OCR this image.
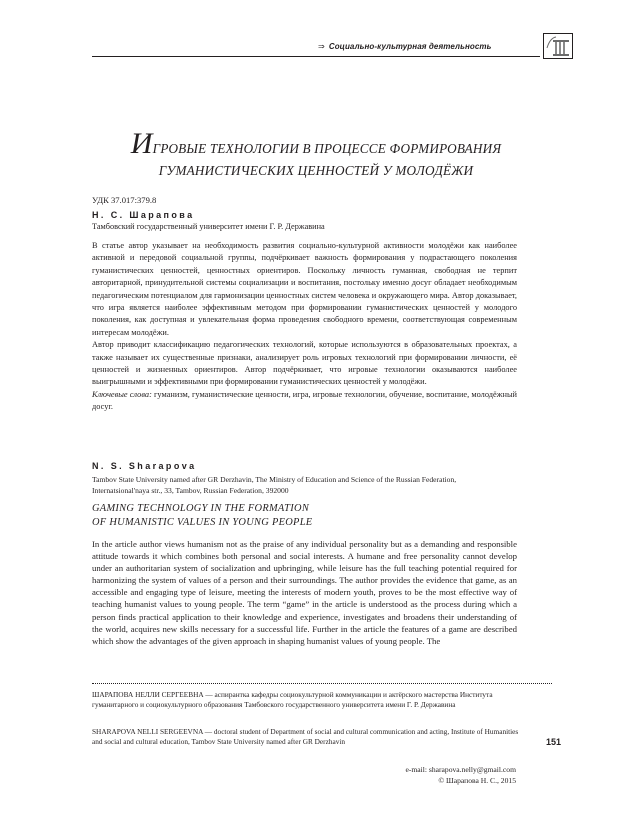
⇒ Социально-культурная деятельность
ИГРОВЫЕ ТЕХНОЛОГИИ В ПРОЦЕССЕ ФОРМИРОВАНИЯ
ГУМАНИСТИЧЕСКИХ ЦЕННОСТЕЙ У МОЛОДЁЖИ
УДК 37.017:379.8
Н. С. Шарапова
Тамбовский государственный университет имени Г. Р. Державина

В статье автор указывает на необходимость развития социально-культурной активности молодёжи как наиболее активной и передовой социальной группы, подчёркивает важность формирования у подрастающего поколения гуманистических ценностей, ценностных ориентиров. Поскольку личность гуманная, свободная не терпит авторитарной, принудительной системы социализации и воспитания, постольку именно досуг обладает необходимым педагогическим потенциалом для гармонизации ценностных систем человека и окружающего мира. Автор доказывает, что игра является наиболее эффективным методом при формировании гуманистических ценностей у молодого поколения, как доступная и увлекательная форма проведения свободного времени, соответствующая современным интересам молодёжи.

Автор приводит классификацию педагогических технологий, которые используются в образовательных проектах, а также называет их существенные признаки, анализирует роль игровых технологий при формировании личности, её ценностей и жизненных ориентиров. Автор подчёркивает, что игровые технологии оказываются наиболее выигрышными и эффективными при формировании гуманистических ценностей у молодёжи.

Ключевые слова: гуманизм, гуманистические ценности, игра, игровые технологии, обучение, воспитание, молодёжный досуг.

N. S. Sharapova
Tambov State University named after GR Derzhavin, The Ministry of Education and Science of the Russian Federation, Internatsional'naya str., 33, Tambov, Russian Federation, 392000
GAMING TECHNOLOGY IN THE FORMATION
OF HUMANISTIC VALUES IN YOUNG PEOPLE
In the article author views humanism not as the praise of any individual personality but as a demanding and responsible attitude towards it which combines both personal and social interests. A humane and free personality cannot develop under an authoritarian system of socialization and upbringing, while leisure has the full teaching potential required for harmonizing the system of values of a person and their surroundings. The author provides the evidence that game, as an accessible and engaging type of leisure, meeting the interests of modern youth, proves to be the most effective way of teaching humanist values to young people. The term “game” in the article is understood as the process during which a person finds practical application to their knowledge and experience, investigates and broadens their understanding of the world, acquires new skills necessary for a successful life. Further in the article the features of a game are described which show the advantages of the given approach in shaping humanist values of young people. The
ШАРАПОВА НЕЛЛИ СЕРГЕЕВНА — аспирантка кафедры социокультурной коммуникации и актёрского мастерства Института гуманитарного и социокультурного образования Тамбовского государственного университета имени Г. Р. Державина
SHARAPOVA NELLI SERGEEVNA — doctoral student of Department of social and cultural communication and acting, Institute of Humanities and social and cultural education, Tambov State University named after GR Derzhavin	151
e-mail: sharapova.nelly@gmail.com
© Шарапова Н. С., 2015
